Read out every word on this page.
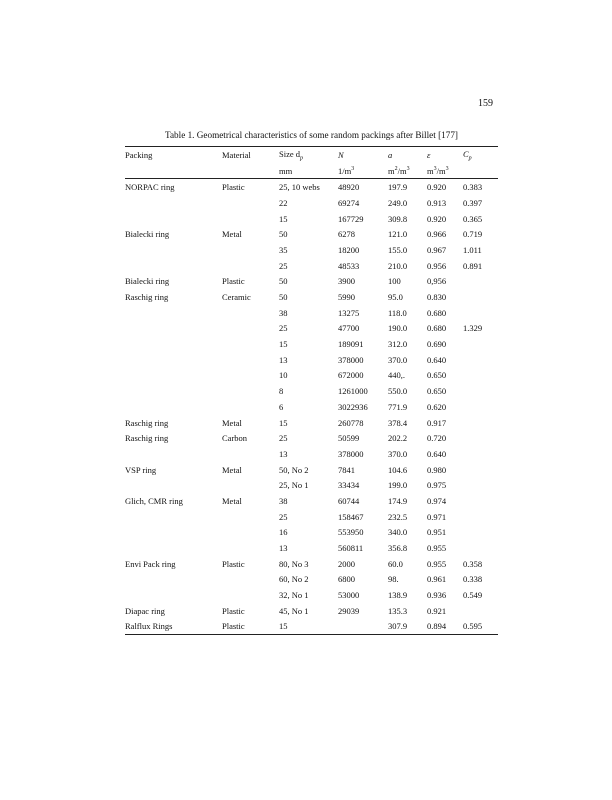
159
Table 1. Geometrical characteristics of some random packings after Billet [177]
Packing	Material	Size $d_p$	N	a	ε	$C_p$
		mm	$1/m^3$	$m^2/m^3$	$m^3/m^3$	
NORPAC ring	Plastic	25, 10 webs	48920	197.9	0.920	0.383
		22	69274	249.0	0.913	0.397
		15	167729	309.8	0.920	0.365
Bialecki ring	Metal	50	6278	121.0	0.966	0.719
		35	18200	155.0	0.967	1.011
		25	48533	210.0	0.956	0.891
Bialecki ring	Plastic	50	3900	100	0,956	
Raschig ring	Ceramic	50	5990	95.0	0.830	
		38	13275	118.0	0.680	
		25	47700	190.0	0.680	1.329
		15	189091	312.0	0.690	
		13	378000	370.0	0.640	
		10	672000	440,.	0.650	
		8	1261000	550.0	0.650	
		6	3022936	771.9	0.620	
Raschig ring	Metal	15	260778	378.4	0.917	
Raschig ring	Carbon	25	50599	202.2	0.720	
		13	378000	370.0	0.640	
VSP ring	Metal	50, No 2	7841	104.6	0.980	
		25, No 1	33434	199.0	0.975	
Glich, CMR ring	Metal	38	60744	174.9	0.974	
		25	158467	232.5	0.971	
		16	553950	340.0	0.951	
		13	560811	356.8	0.955	
Envi Pack ring	Plastic	80, No 3	2000	60.0	0.955	0.358
		60, No 2	6800	98.	0.961	0.338
		32, No 1	53000	138.9	0.936	0.549
Diapac ring	Plastic	45, No 1	29039	135.3	0.921	
Ralflux Rings	Plastic	15		307.9	0.894	0.595
